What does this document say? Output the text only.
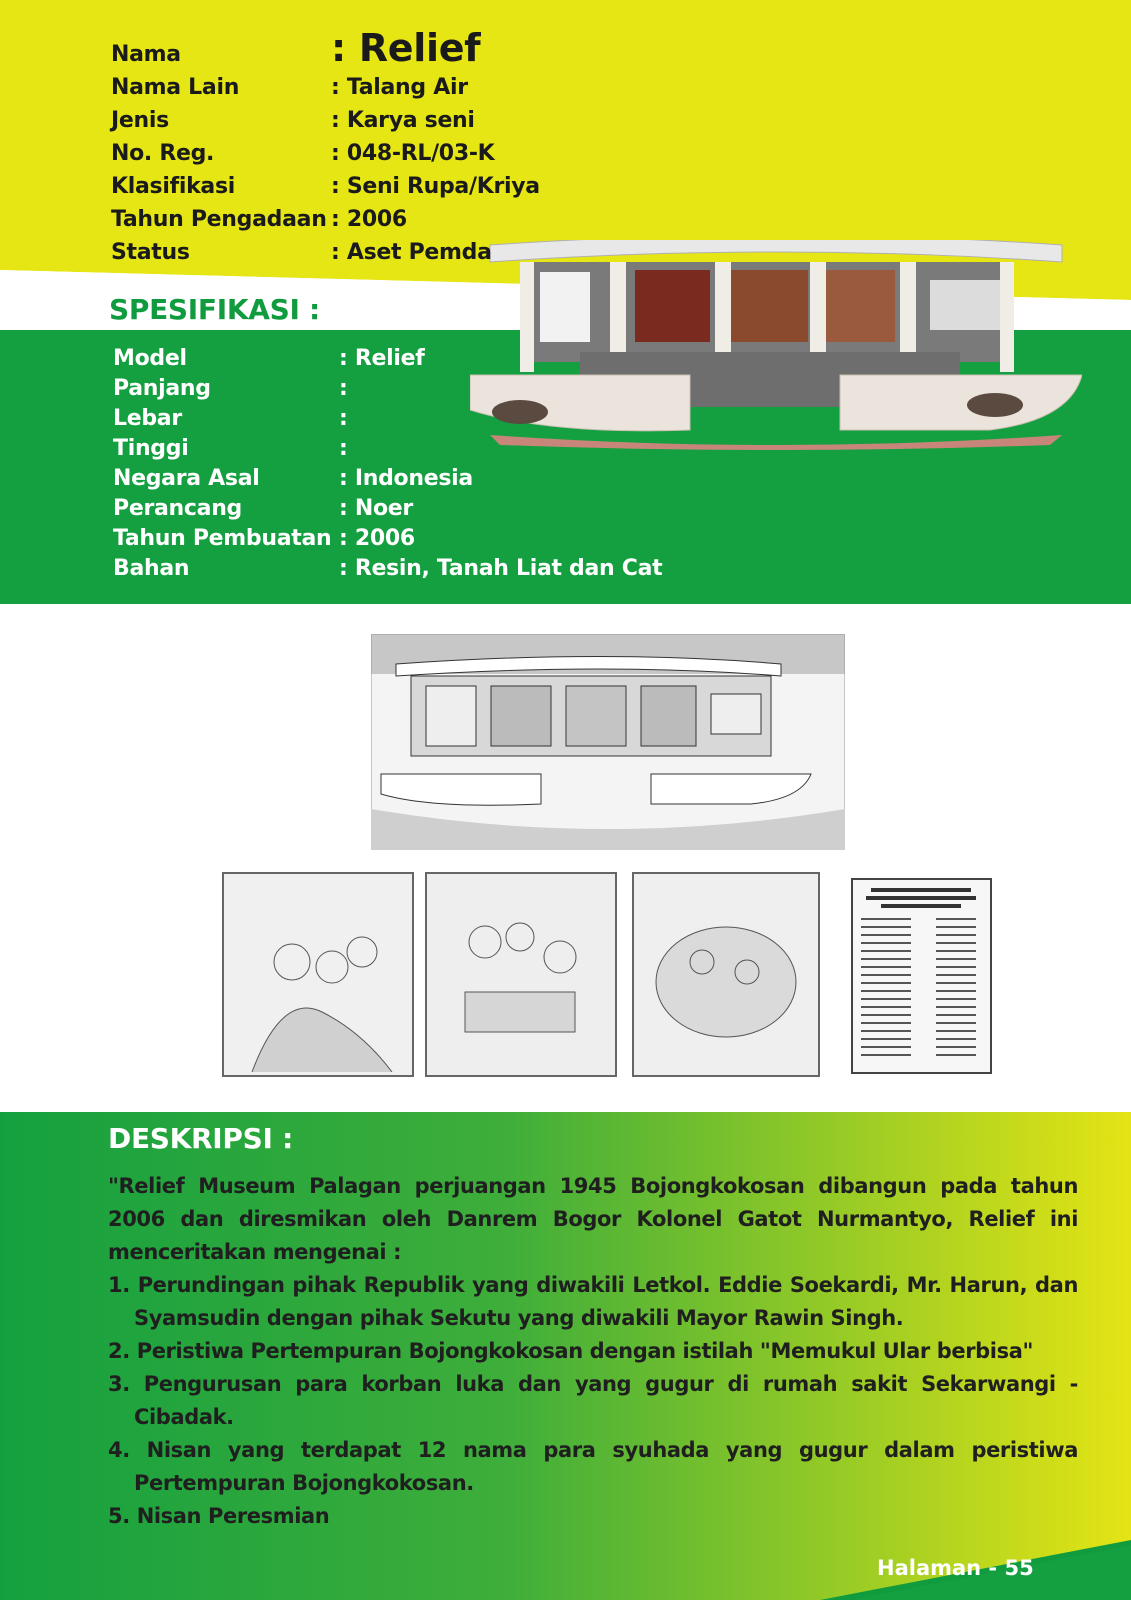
Nama	: Relief
Nama Lain	: Talang Air
Jenis	: Karya seni
No. Reg.	: 048-RL/03-K
Klasifikasi	: Seni Rupa/Kriya
Tahun Pengadaan : 2006
Status	: Aset Pemda
SPESIFIKASI :
Model	: Relief
Panjang	:
Lebar	:
Tinggi	:
Negara Asal	: Indonesia
Perancang	: Noer
Tahun Pembuatan : 2006
Bahan	: Resin, Tanah Liat dan Cat
DESKRIPSI :

"Relief Museum Palagan perjuangan 1945 Bojongkokosan dibangun pada tahun 2006 dan diresmikan oleh Danrem Bogor Kolonel Gatot Nurmantyo, Relief ini menceritakan mengenai :

1. Perundingan pihak Republik yang diwakili Letkol. Eddie Soekardi, Mr. Harun, dan Syamsudin dengan pihak Sekutu yang diwakili Mayor Rawin Singh.
2. Peristiwa Pertempuran Bojongkokosan dengan istilah "Memukul Ular berbisa"
3. Pengurusan para korban luka dan yang gugur di rumah sakit Sekarwangi - Cibadak.
4. Nisan yang terdapat 12 nama para syuhada yang gugur dalam peristiwa Pertempuran Bojongkokosan.
5. Nisan Peresmian
Halaman - 55
